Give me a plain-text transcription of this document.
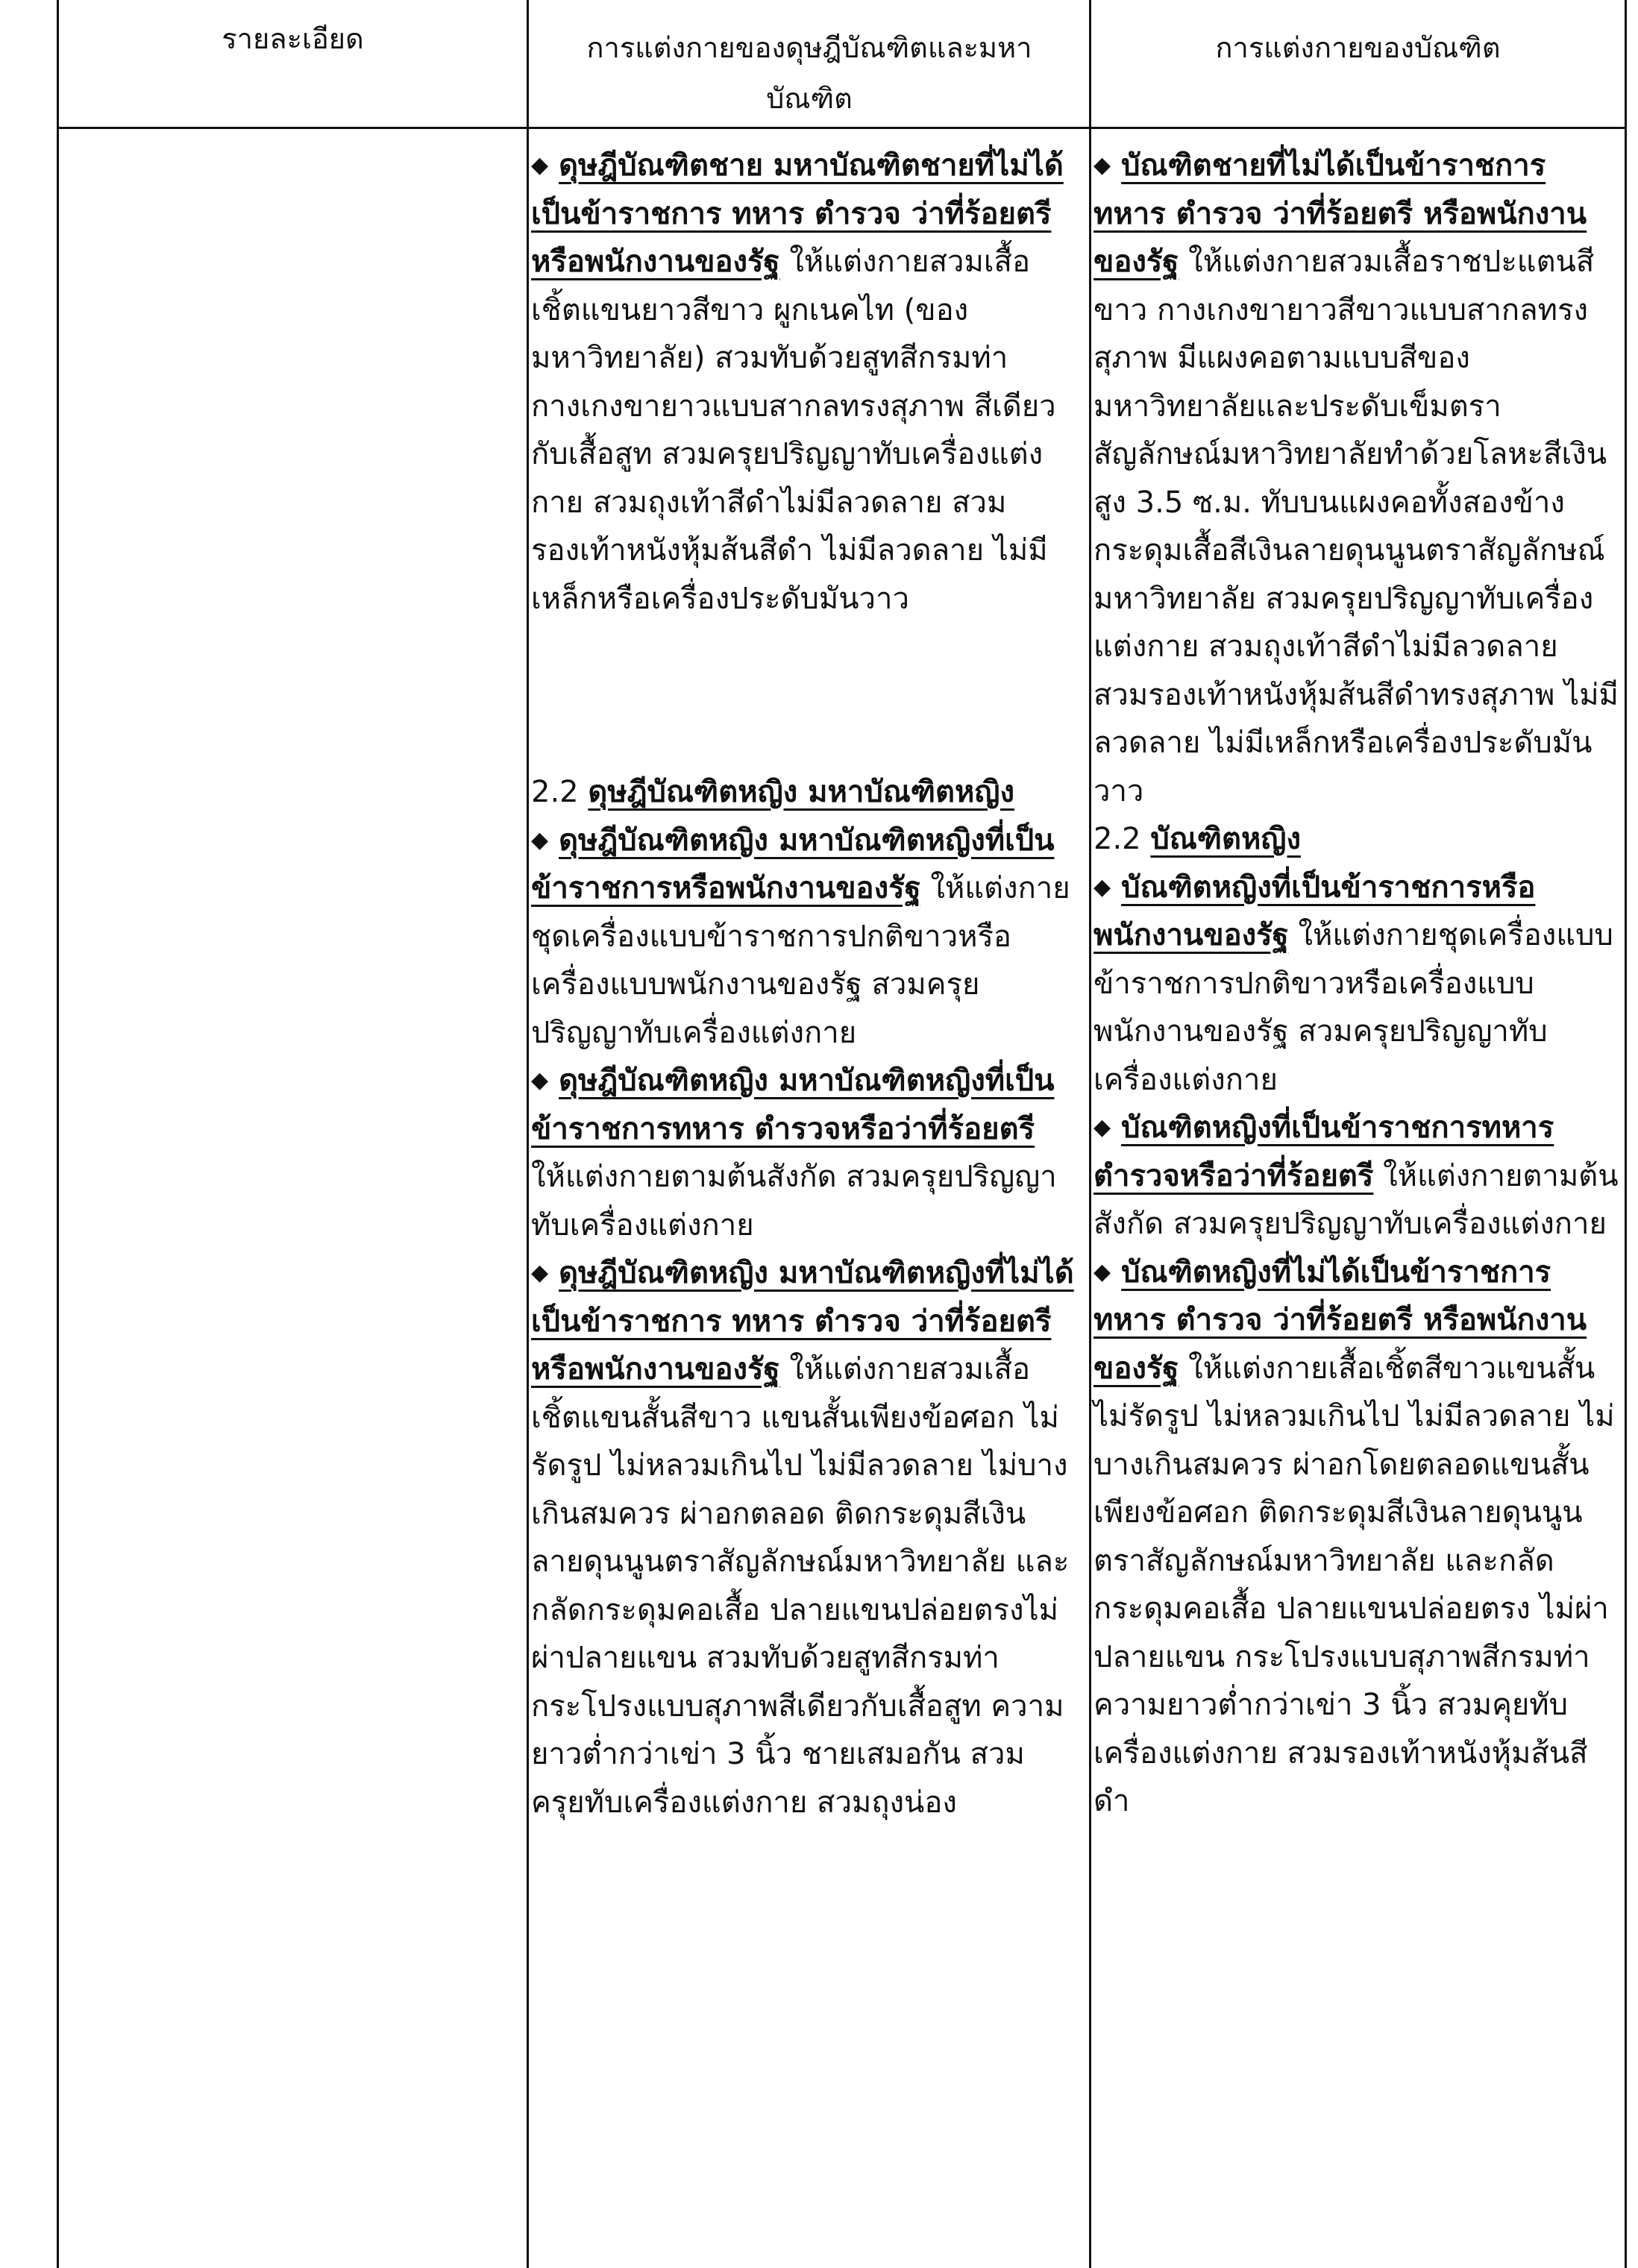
รายละเอียด	การแต่งกายของดุษฎีบัณฑิตและมหาบัณฑิต
การแต่งกายของบัณฑิต

◆ ดุษฎีบัณฑิตชาย มหาบัณฑิตชายที่ไม่ได้เป็นข้าราชการ ทหาร ตำรวจ ว่าที่ร้อยตรี หรือพนักงานของรัฐ ให้แต่งกายสวมเสื้อเชิ้ตแขนยาวสีขาว ผูกเนคไท (ของมหาวิทยาลัย) สวมทับด้วยสูทสีกรมท่า กางเกงขายาวแบบสากลทรงสุภาพ สีเดียวกับเสื้อสูท สวมครุยปริญญาทับเครื่องแต่งกาย สวมถุงเท้าสีดำไม่มีลวดลาย สวมรองเท้าหนังหุ้มส้นสีดำ ไม่มีลวดลาย ไม่มีเหล็กหรือเครื่องประดับมันวาว

2.2 ดุษฎีบัณฑิตหญิง มหาบัณฑิตหญิง

◆ ดุษฎีบัณฑิตหญิง มหาบัณฑิตหญิงที่เป็นข้าราชการหรือพนักงานของรัฐ ให้แต่งกายชุดเครื่องแบบข้าราชการปกติขาวหรือเครื่องแบบพนักงานของรัฐ สวมครุยปริญญาทับเครื่องแต่งกาย

◆ ดุษฎีบัณฑิตหญิง มหาบัณฑิตหญิงที่เป็นข้าราชการทหาร ตำรวจหรือว่าที่ร้อยตรี ให้แต่งกายตามต้นสังกัด สวมครุยปริญญาทับเครื่องแต่งกาย

◆ ดุษฎีบัณฑิตหญิง มหาบัณฑิตหญิงที่ไม่ได้เป็นข้าราชการ ทหาร ตำรวจ ว่าที่ร้อยตรี หรือพนักงานของรัฐ ให้แต่งกายสวมเสื้อเชิ้ตแขนสั้นสีขาว แขนสั้นเพียงข้อศอก ไม่รัดรูป ไม่หลวมเกินไป ไม่มีลวดลาย ไม่บางเกินสมควร ผ่าอกตลอด ติดกระดุมสีเงินลายดุนนูนตราสัญลักษณ์มหาวิทยาลัย และกลัดกระดุมคอเสื้อ ปลายแขนปล่อยตรงไม่ผ่าปลายแขน สวมทับด้วยสูทสีกรมท่า กระโปรงแบบสุภาพสีเดียวกับเสื้อสูท ความยาวต่ำกว่าเข่า 3 นิ้ว ชายเสมอกัน สวมครุยทับเครื่องแต่งกาย สวมถุงน่อง

◆ บัณฑิตชายที่ไม่ได้เป็นข้าราชการ ทหาร ตำรวจ ว่าที่ร้อยตรี หรือพนักงานของรัฐ ให้แต่งกายสวมเสื้อราชปะแตนสีขาว กางเกงขายาวสีขาวแบบสากลทรงสุภาพ มีแผงคอตามแบบสีของมหาวิทยาลัยและประดับเข็มตราสัญลักษณ์มหาวิทยาลัยทำด้วยโลหะสีเงิน สูง 3.5 ซ.ม. ทับบนแผงคอทั้งสองข้าง กระดุมเสื้อสีเงินลายดุนนูนตราสัญลักษณ์มหาวิทยาลัย สวมครุยปริญญาทับเครื่องแต่งกาย สวมถุงเท้าสีดำไม่มีลวดลาย สวมรองเท้าหนังหุ้มส้นสีดำทรงสุภาพ ไม่มีลวดลาย ไม่มีเหล็กหรือเครื่องประดับมันวาว

2.2 บัณฑิตหญิง

◆ บัณฑิตหญิงที่เป็นข้าราชการหรือพนักงานของรัฐ ให้แต่งกายชุดเครื่องแบบข้าราชการปกติขาวหรือเครื่องแบบพนักงานของรัฐ สวมครุยปริญญาทับเครื่องแต่งกาย

◆ บัณฑิตหญิงที่เป็นข้าราชการทหาร ตำรวจหรือว่าที่ร้อยตรี ให้แต่งกายตามต้นสังกัด สวมครุยปริญญาทับเครื่องแต่งกาย

◆ บัณฑิตหญิงที่ไม่ได้เป็นข้าราชการ ทหาร ตำรวจ ว่าที่ร้อยตรี หรือพนักงานของรัฐ ให้แต่งกายเสื้อเชิ้ตสีขาวแขนสั้น ไม่รัดรูป ไม่หลวมเกินไป ไม่มีลวดลาย ไม่บางเกินสมควร ผ่าอกโดยตลอดแขนสั้นเพียงข้อศอก ติดกระดุมสีเงินลายดุนนูนตราสัญลักษณ์มหาวิทยาลัย และกลัดกระดุมคอเสื้อ ปลายแขนปล่อยตรง ไม่ผ่าปลายแขน กระโปรงแบบสุภาพสีกรมท่า ความยาวต่ำกว่าเข่า 3 นิ้ว สวมคุยทับเครื่องแต่งกาย สวมรองเท้าหนังหุ้มส้นสีดำ
